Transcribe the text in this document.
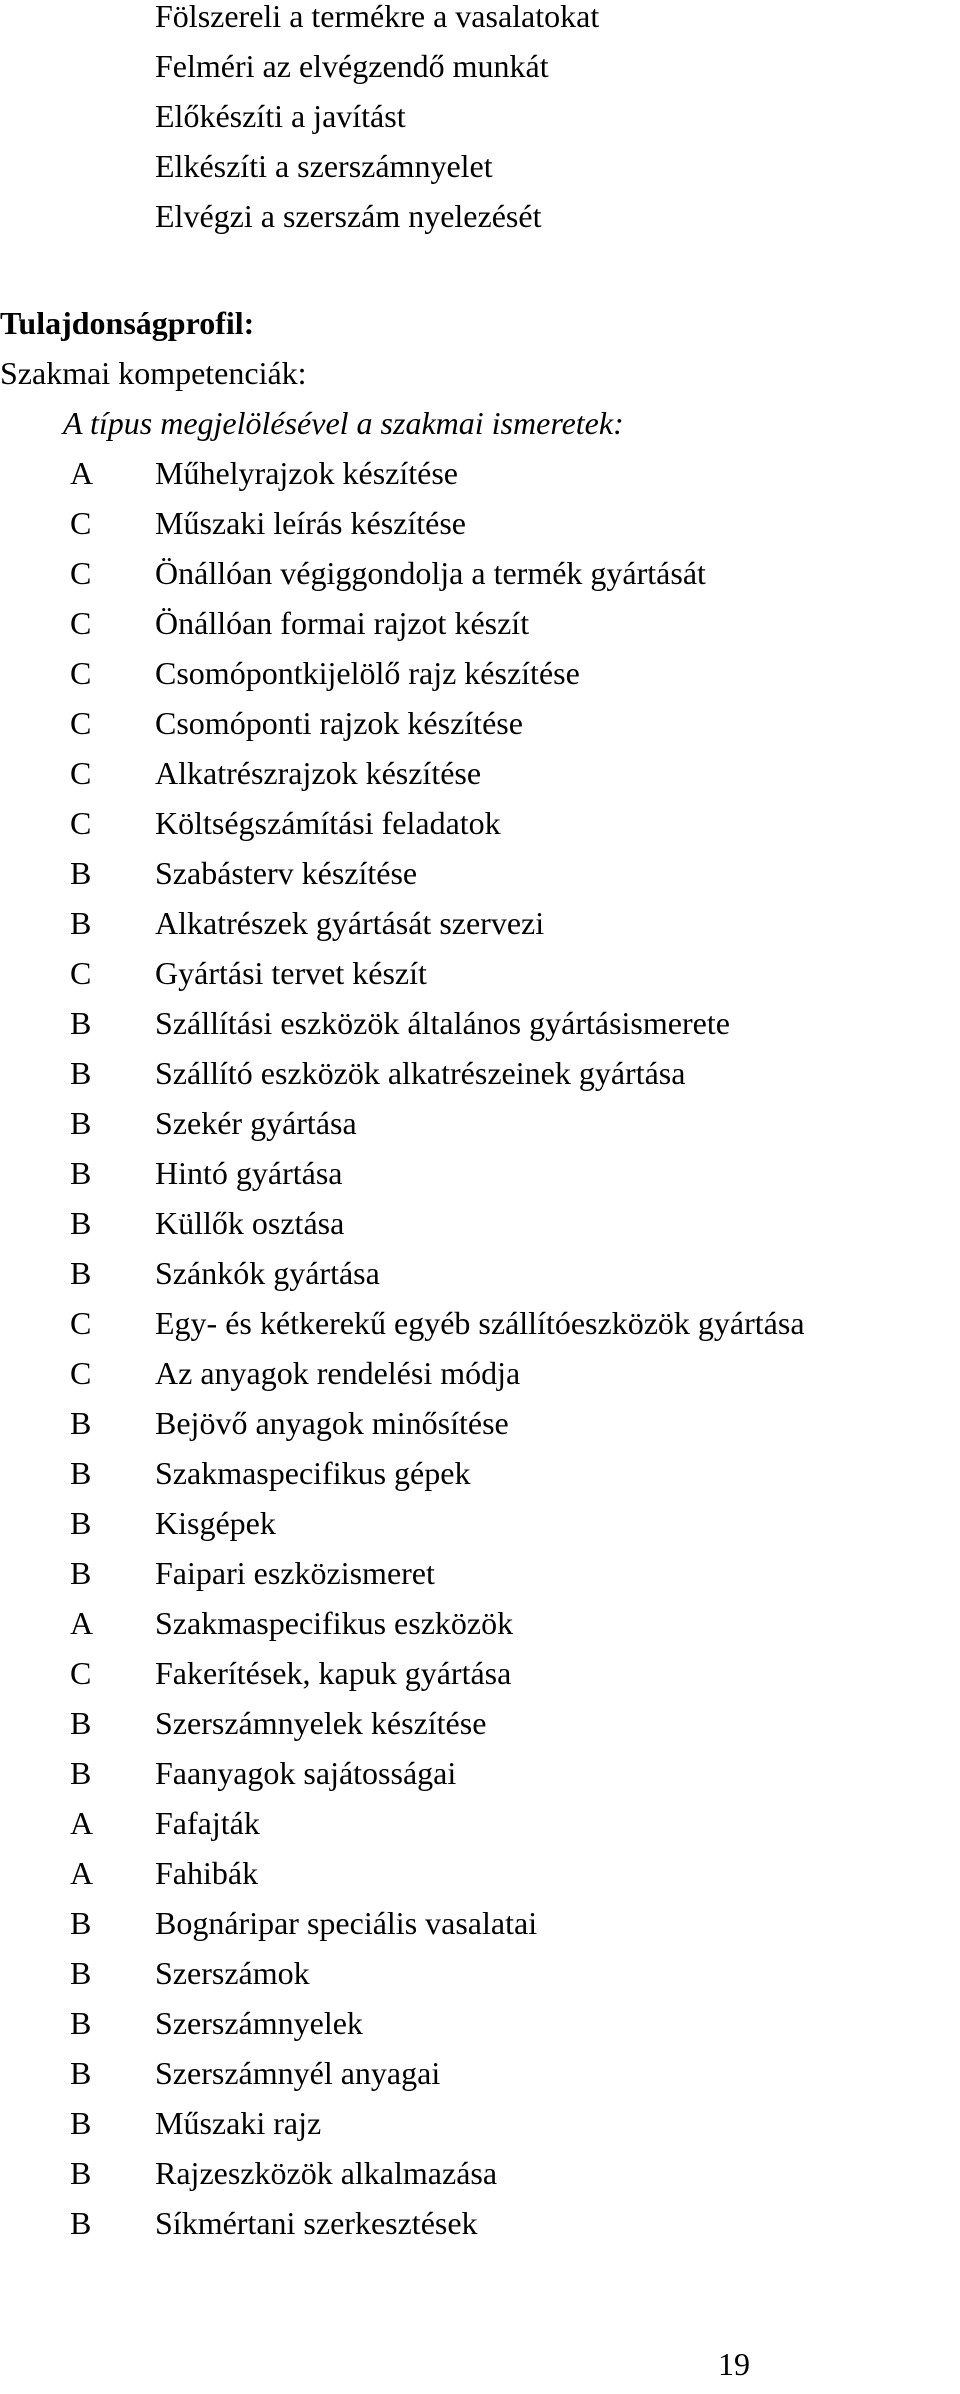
Fölszereli a termékre a vasalatokat
Felméri az elvégzendő munkát
Előkészíti a javítást
Elkészíti a szerszámnyelet
Elvégzi a szerszám nyelezését

Tulajdonságprofil:

Szakmai kompetenciák:

A típus megjelölésével a szakmai ismeretek:

A	Műhelyrajzok készítése
C	Műszaki leírás készítése
C	Önállóan végiggondolja a termék gyártását
C	Önállóan formai rajzot készít
C	Csomópontkijelölő rajz készítése
C	Csomóponti rajzok készítése
C	Alkatrészrajzok készítése
C	Költségszámítási feladatok
B	Szabásterv készítése
B	Alkatrészek gyártását szervezi
C	Gyártási tervet készít
B	Szállítási eszközök általános gyártásismerete
B	Szállító eszközök alkatrészeinek gyártása
B	Szekér gyártása
B	Hintó gyártása
B	Küllők osztása
B	Szánkók gyártása
C	Egy- és kétkerekű egyéb szállítóeszközök gyártása
C	Az anyagok rendelési módja
B	Bejövő anyagok minősítése
B	Szakmaspecifikus gépek
B	Kisgépek
B	Faipari eszközismeret
A	Szakmaspecifikus eszközök
C	Fakerítések, kapuk gyártása
B	Szerszámnyelek készítése
B	Faanyagok sajátosságai
A	Fafajták
A	Fahibák
B	Bognáripar speciális vasalatai
B	Szerszámok
B	Szerszámnyelek
B	Szerszámnyél anyagai
B	Műszaki rajz
B	Rajzeszközök alkalmazása
B	Síkmértani szerkesztések
19
